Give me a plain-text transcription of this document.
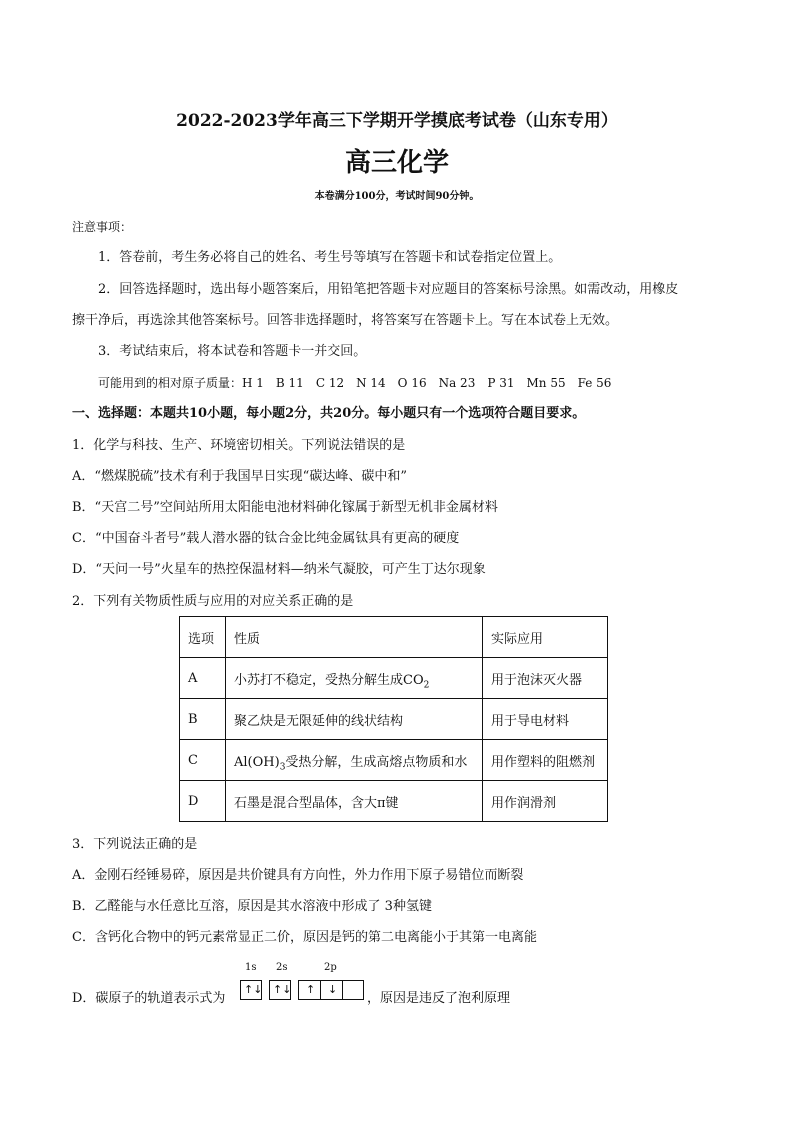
2022-2023学年高三下学期开学摸底考试卷（山东专用）
高三化学
本卷满分100分，考试时间90分钟。
注意事项：
1．答卷前，考生务必将自己的姓名、考生号等填写在答题卡和试卷指定位置上。
2．回答选择题时，选出每小题答案后，用铅笔把答题卡对应题目的答案标号涂黑。如需改动，用橡皮
擦干净后，再选涂其他答案标号。回答非选择题时，将答案写在答题卡上。写在本试卷上无效。
3．考试结束后，将本试卷和答题卡一并交回。
可能用到的相对原子质量：H 1　B 11　C 12　N 14　O 16　Na 23　P 31　Mn 55　Fe 56
一、选择题：本题共10小题，每小题2分，共20分。每小题只有一个选项符合题目要求。
1．化学与科技、生产、环境密切相关。下列说法错误的是
A．“燃煤脱硫”技术有利于我国早日实现“碳达峰、碳中和”
B．“天宫二号”空间站所用太阳能电池材料砷化镓属于新型无机非金属材料
C．“中国奋斗者号”载人潜水器的钛合金比纯金属钛具有更高的硬度
D．“天问一号”火星车的热控保温材料—纳米气凝胶，可产生丁达尔现象
2．下列有关物质性质与应用的对应关系正确的是
选项	性质	实际应用
A	小苏打不稳定，受热分解生成$CO_2$	用于泡沫灭火器
B	聚乙炔是无限延伸的线状结构	用于导电材料
C	$Al(OH)_3$受热分解，生成高熔点物质和水	用作塑料的阻燃剂
D	石墨是混合型晶体，含大π键	用作润滑剂
3．下列说法正确的是
A．金刚石经锤易碎，原因是共价键具有方向性，外力作用下原子易错位而断裂
B．乙醛能与水任意比互溶，原因是其水溶液中形成了 3种氢键
C．含钙化合物中的钙元素常显正二价，原因是钙的第二电离能小于其第一电离能
1s 2s	2p
D．碳原子的轨道表示式为
↑↓ ↑↓ ↑ ↓
，原因是违反了泡利原理
